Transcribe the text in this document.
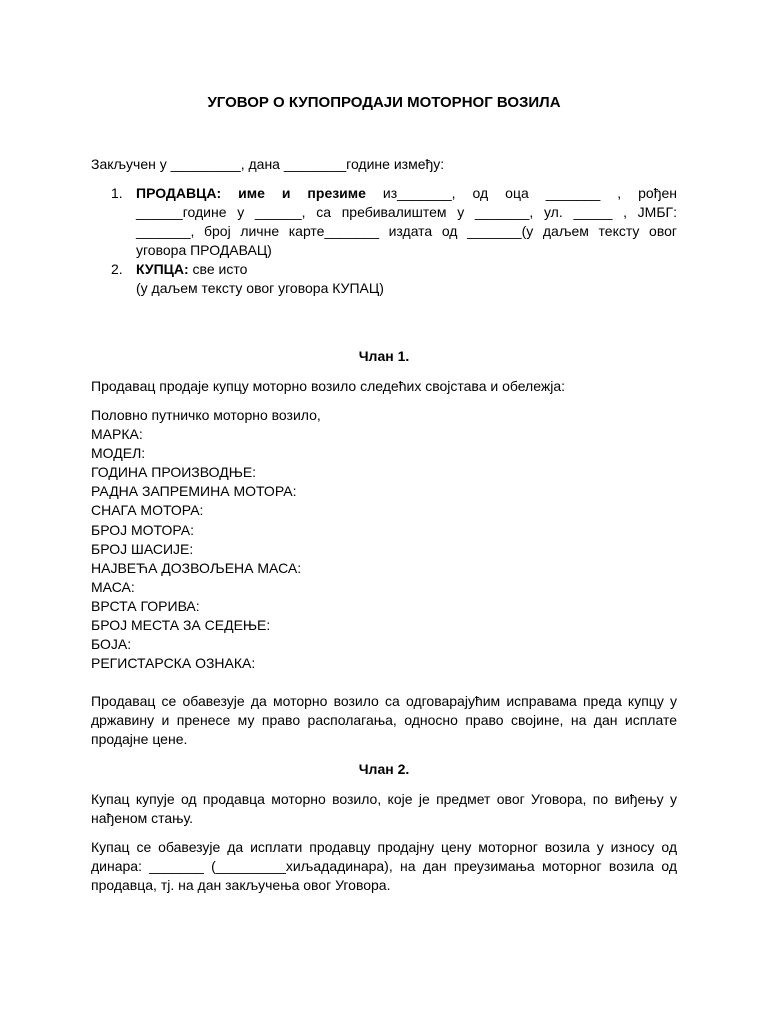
УГОВОР О КУПОПРОДАЈИ МОТОРНОГ ВОЗИЛА
Закључен у _________, дана ________године између:
1. ПРОДАВЦА: име и презиме из_______, од оца _______ , рођен
______године у ______, са пребивалиштем у _______, ул. _____ , ЈМБГ:
_______, број личне карте_______ издата од _______(у даљем тексту овог
уговора ПРОДАВАЦ)
2. КУПЦА: све исто
(у даљем тексту овог уговора КУПАЦ)
Члан 1.
Продавац продаје купцу моторно возило следећих својстава и обележја:
Половно путничко моторно возило,
МАРКА:
МОДЕЛ:
ГОДИНА ПРОИЗВОДЊЕ:
РАДНА ЗАПРЕМИНА МОТОРА:
СНАГА МОТОРА:
БРОЈ МОТОРА:
БРОЈ ШАСИЈЕ:
НАЈВЕЋА ДОЗВОЉЕНА МАСА:
МАСА:
ВРСТА ГОРИВА:
БРОЈ МЕСТА ЗА СЕДЕЊЕ:
БОЈА:
РЕГИСТАРСКА ОЗНАКА:
Продавац се обавезује да моторно возило са одговарајућим исправама преда купцу у државину и пренесе му право располагања, односно право својине, на дан исплате продајне цене.
Члан 2.
Купац купује од продавца моторно возило, које је предмет овог Уговора, по виђењу у нађеном стању.
Купац се обавезује да исплати продавцу продајну цену моторног возила у износу од динара: _______ (_________хиљададинара), на дан преузимања моторног возила од продавца, тј. на дан закључења овог Уговора.
